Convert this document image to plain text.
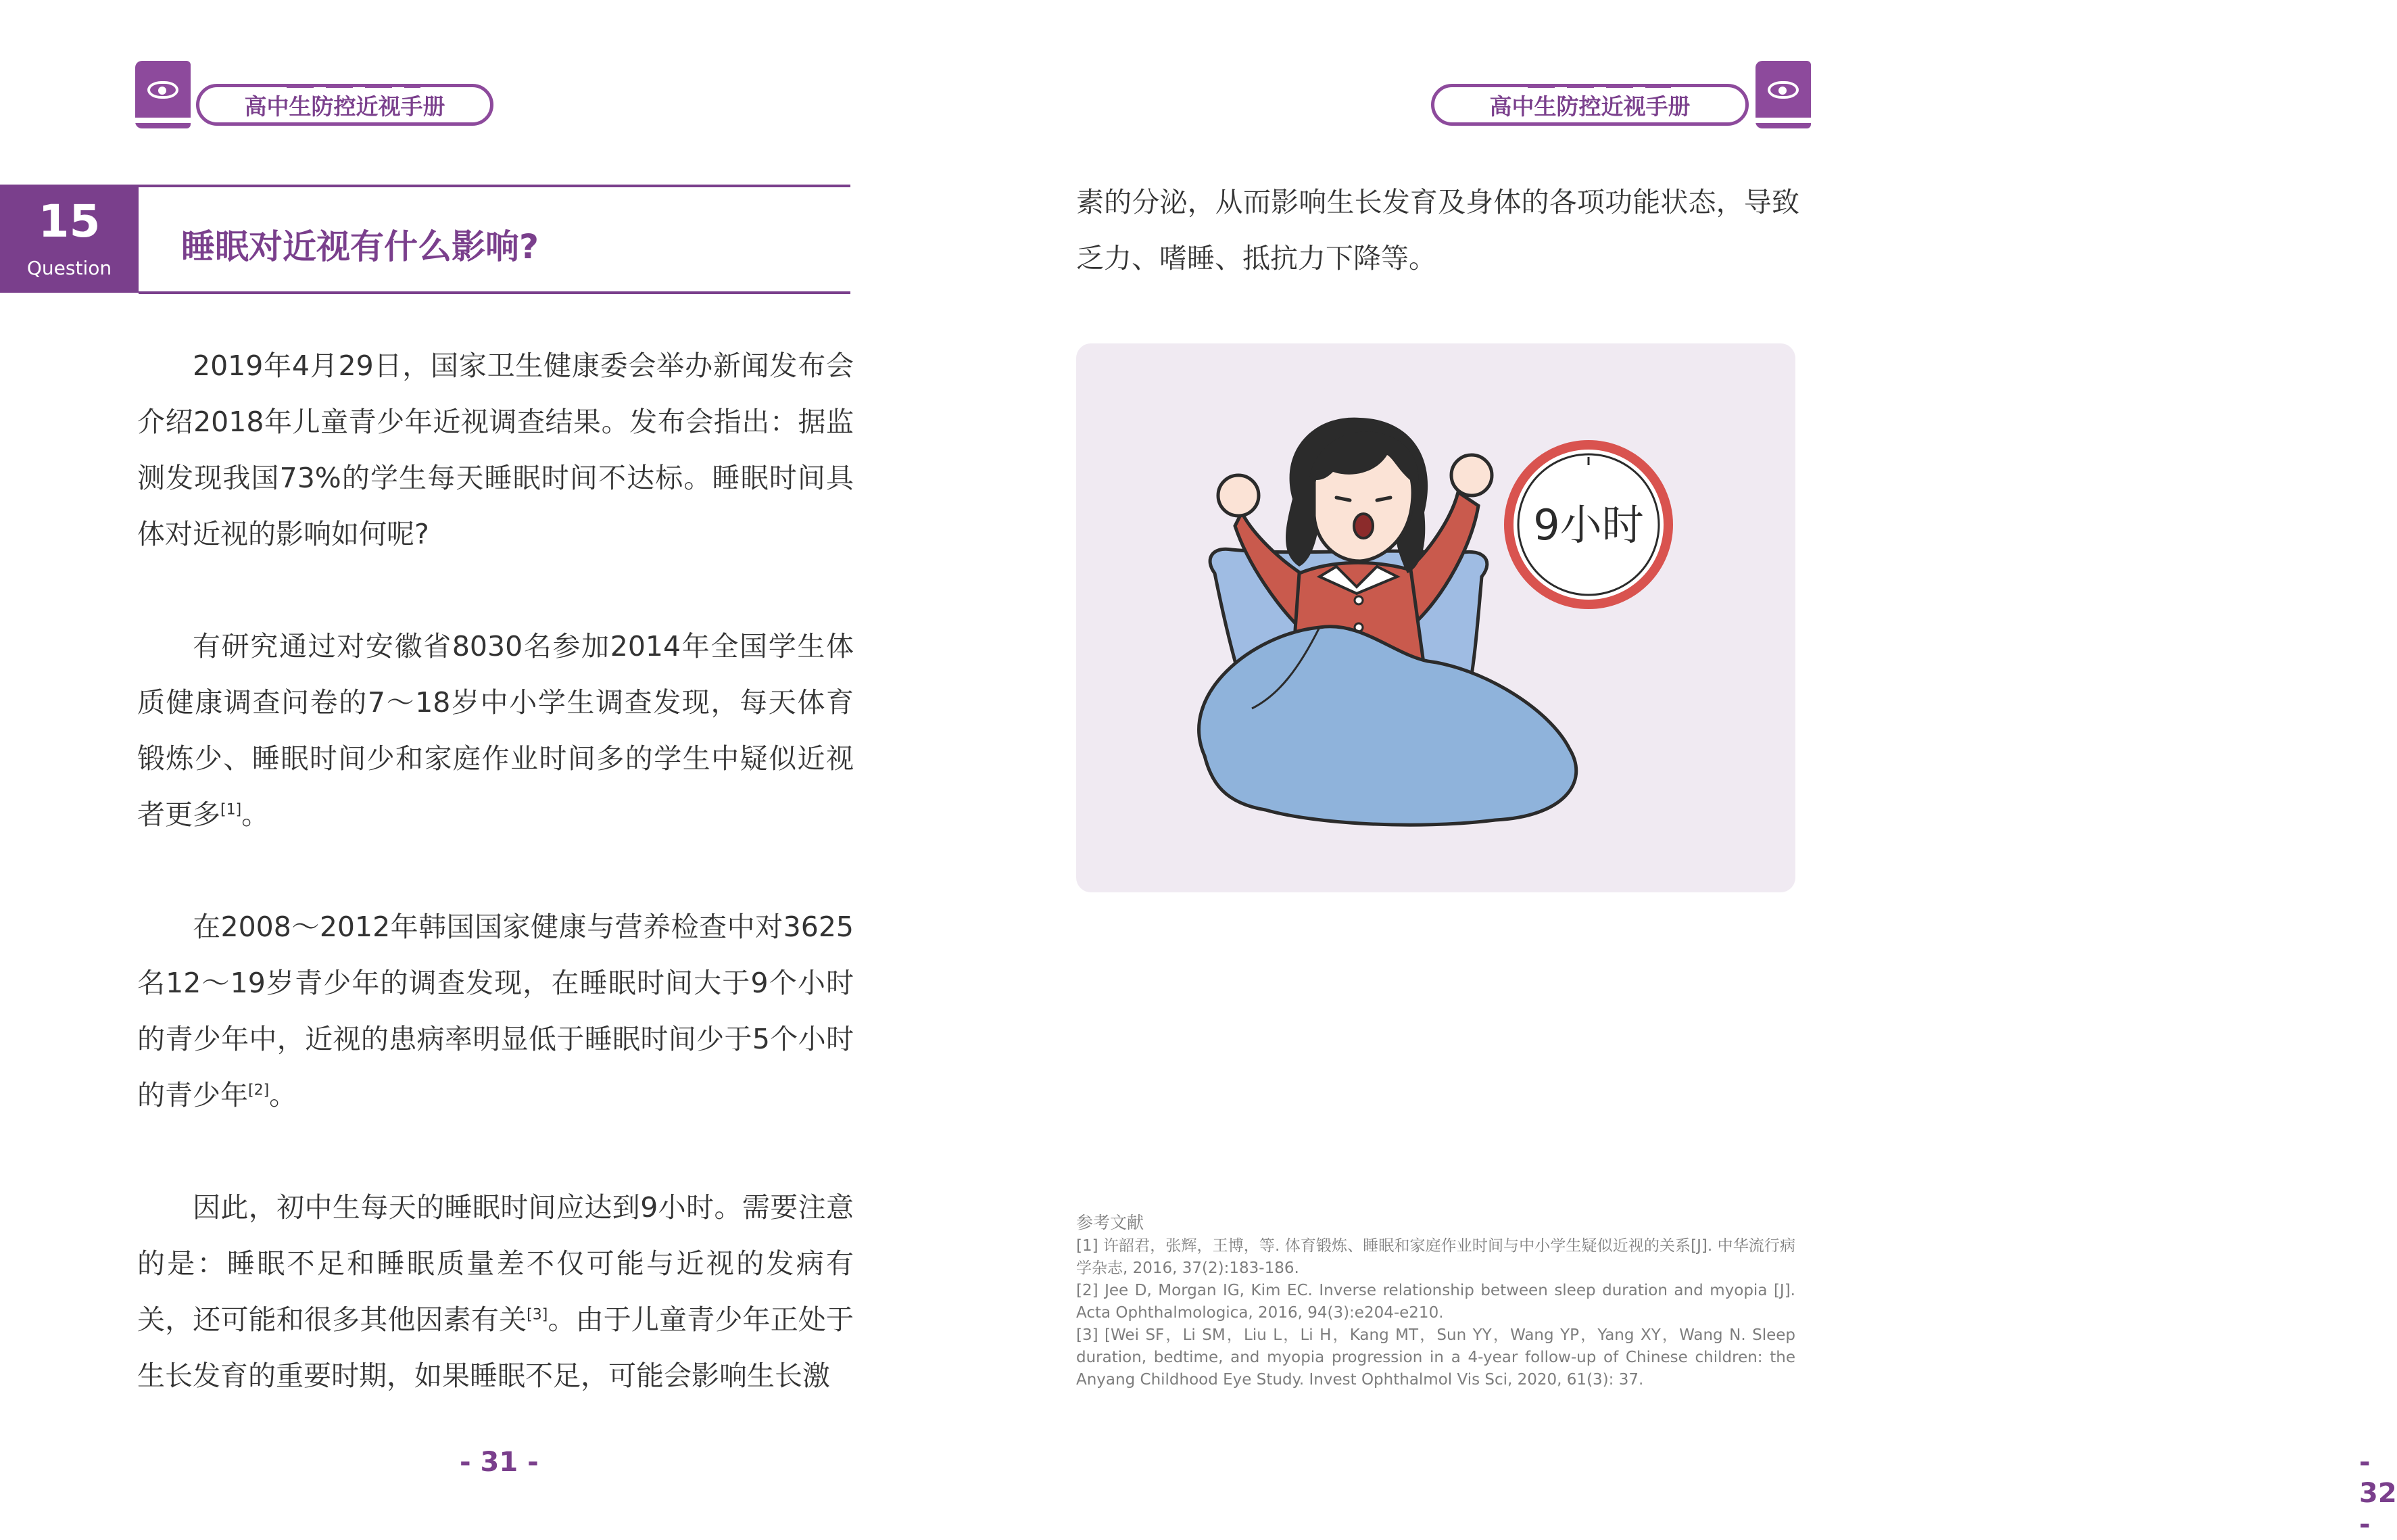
高中生防控近视手册
15
Question
睡眠对近视有什么影响?

2019年4月29日，国家卫生健康委会举办新闻发布会介绍2018年儿童青少年近视调查结果。发布会指出：据监测发现我国73%的学生每天睡眠时间不达标。睡眠时间具体对近视的影响如何呢?

有研究通过对安徽省8030名参加2014年全国学生体质健康调查问卷的7～18岁中小学生调查发现，每天体育锻炼少、睡眠时间少和家庭作业时间多的学生中疑似近视者更多[1]。

在2008～2012年韩国国家健康与营养检查中对3625名12～19岁青少年的调查发现，在睡眠时间大于9个小时的青少年中，近视的患病率明显低于睡眠时间少于5个小时的青少年[2]。

因此，初中生每天的睡眠时间应达到9小时。需要注意的是：睡眠不足和睡眠质量差不仅可能与近视的发病有关，还可能和很多其他因素有关[3]。由于儿童青少年正处于生长发育的重要时期，如果睡眠不足，可能会影响生长激

- 31 -
高中生防控近视手册
- 32 -
素的分泌，从而影响生长发育及身体的各项功能状态，导致乏力、嗜睡、抵抗力下降等。
9小时
参考文献

[1] 许韶君，张辉，王博，等. 体育锻炼、睡眠和家庭作业时间与中小学生疑似近视的关系[J]. 中华流行病学杂志, 2016, 37(2):183-186.

[2] Jee D, Morgan IG, Kim EC. Inverse relationship between sleep duration and myopia [J]. Acta Ophthalmologica, 2016, 94(3):e204-e210.

[3] [Wei SF，Li SM，Liu L，Li H，Kang MT，Sun YY，Wang YP，Yang XY，Wang N. Sleep duration, bedtime, and myopia progression in a 4-year follow-up of Chinese children: the Anyang Childhood Eye Study. Invest Ophthalmol Vis Sci, 2020, 61(3): 37.
